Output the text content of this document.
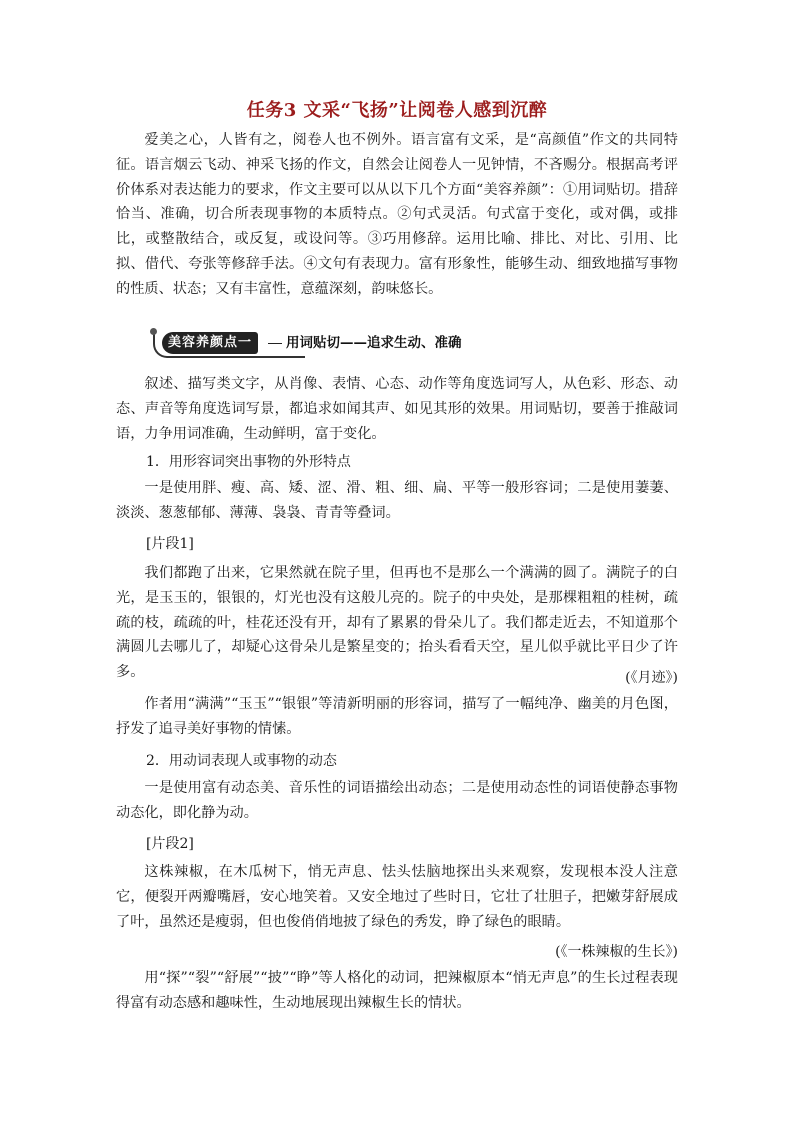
任务3 文采“飞扬”让阅卷人感到沉醉

爱美之心，人皆有之，阅卷人也不例外。语言富有文采，是“高颜值”作文的共同特征。语言烟云飞动、神采飞扬的作文，自然会让阅卷人一见钟情，不吝赐分。根据高考评价体系对表达能力的要求，作文主要可以从以下几个方面“美容养颜”：①用词贴切。措辞恰当、准确，切合所表现事物的本质特点。②句式灵活。句式富于变化，或对偶，或排比，或整散结合，或反复，或设问等。③巧用修辞。运用比喻、排比、对比、引用、比拟、借代、夸张等修辞手法。④文句有表现力。富有形象性，能够生动、细致地描写事物的性质、状态；又有丰富性，意蕴深刻，韵味悠长。

美容养颜点一	用词贴切——追求生动、准确

叙述、描写类文字，从肖像、表情、心态、动作等角度选词写人，从色彩、形态、动态、声音等角度选词写景，都追求如闻其声、如见其形的效果。用词贴切，要善于推敲词语，力争用词准确，生动鲜明，富于变化。

1．用形容词突出事物的外形特点

一是使用胖、瘦、高、矮、涩、滑、粗、细、扁、平等一般形容词；二是使用萋萋、淡淡、葱葱郁郁、薄薄、袅袅、青青等叠词。

[片段1]

我们都跑了出来，它果然就在院子里，但再也不是那么一个满满的圆了。满院子的白光，是玉玉的，银银的，灯光也没有这般儿亮的。院子的中央处，是那棵粗粗的桂树，疏疏的枝，疏疏的叶，桂花还没有开，却有了累累的骨朵儿了。我们都走近去，不知道那个满圆儿去哪儿了，却疑心这骨朵儿是繁星变的；抬头看看天空，星儿似乎就比平日少了许多。	(《月迹》)

作者用“满满”“玉玉”“银银”等清新明丽的形容词，描写了一幅纯净、幽美的月色图，抒发了追寻美好事物的情愫。

2．用动词表现人或事物的动态

一是使用富有动态美、音乐性的词语描绘出动态；二是使用动态性的词语使静态事物动态化，即化静为动。

[片段2]

这株辣椒，在木瓜树下，悄无声息、怯头怯脑地探出头来观察，发现根本没人注意它，便裂开两瓣嘴唇，安心地笑着。又安全地过了些时日，它壮了壮胆子，把嫩芽舒展成了叶，虽然还是瘦弱，但也俊俏俏地披了绿色的秀发，睁了绿色的眼睛。

(《一株辣椒的生长》)

用“探”“裂”“舒展”“披”“睁”等人格化的动词，把辣椒原本“悄无声息”的生长过程表现得富有动态感和趣味性，生动地展现出辣椒生长的情状。
